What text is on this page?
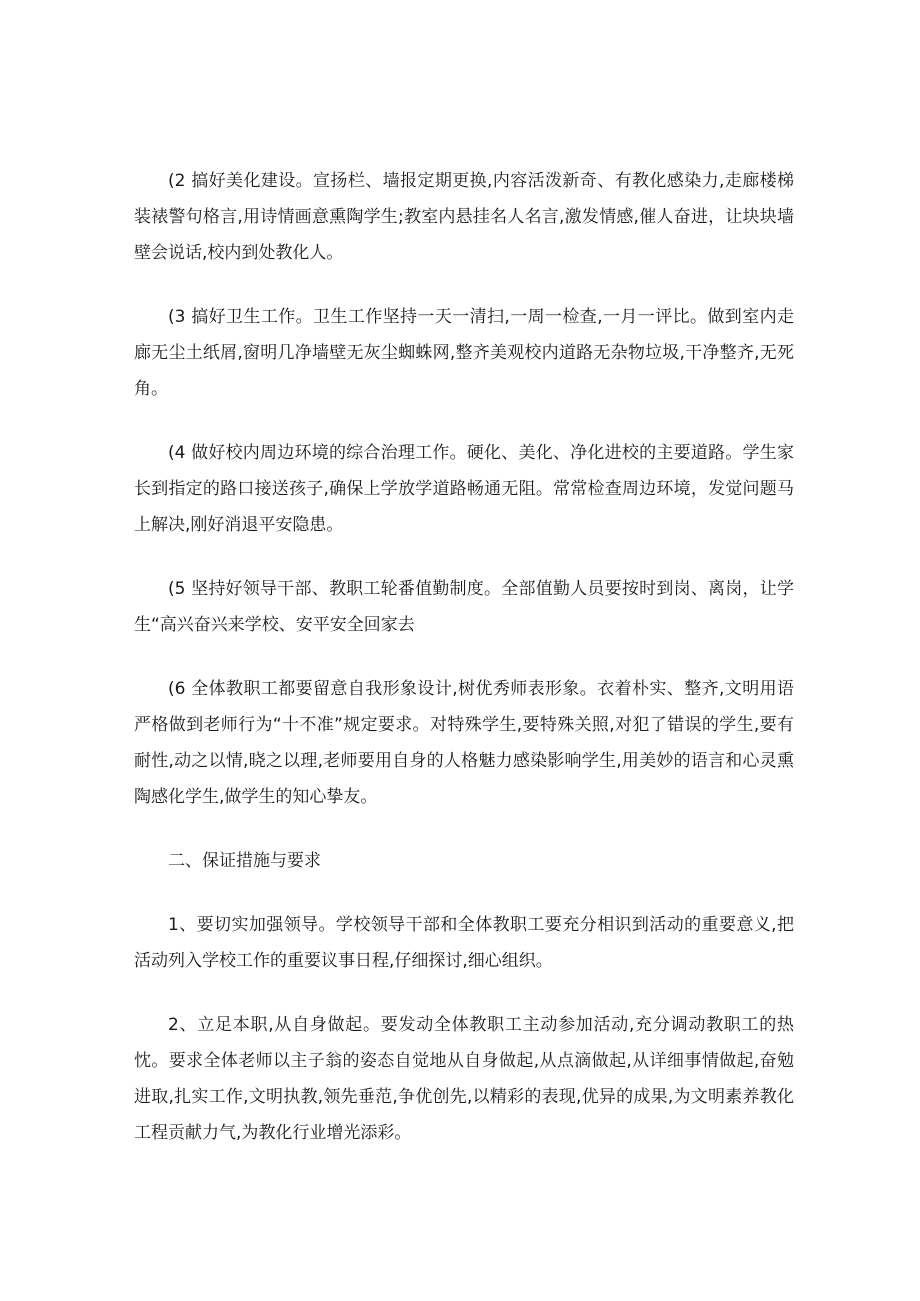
(2 搞好美化建设。宣扬栏、墙报定期更换,内容活泼新奇、有教化感染力,走廊楼梯装裱警句格言,用诗情画意熏陶学生;教室内悬挂名人名言,激发情感,催人奋进，让块块墙壁会说话,校内到处教化人。

(3 搞好卫生工作。卫生工作坚持一天一清扫,一周一检查,一月一评比。做到室内走廊无尘土纸屑,窗明几净墙壁无灰尘蜘蛛网,整齐美观校内道路无杂物垃圾,干净整齐,无死角。

(4 做好校内周边环境的综合治理工作。硬化、美化、净化进校的主要道路。学生家长到指定的路口接送孩子,确保上学放学道路畅通无阻。常常检查周边环境，发觉问题马上解决,刚好消退平安隐患。

(5 坚持好领导干部、教职工轮番值勤制度。全部值勤人员要按时到岗、离岗，让学生“高兴奋兴来学校、安平安全回家去

(6 全体教职工都要留意自我形象设计,树优秀师表形象。衣着朴实、整齐,文明用语严格做到老师行为“十不准”规定要求。对特殊学生,要特殊关照,对犯了错误的学生,要有耐性,动之以情,晓之以理,老师要用自身的人格魅力感染影响学生,用美妙的语言和心灵熏陶感化学生,做学生的知心挚友。

二、保证措施与要求

1、要切实加强领导。学校领导干部和全体教职工要充分相识到活动的重要意义,把活动列入学校工作的重要议事日程,仔细探讨,细心组织。

2、立足本职,从自身做起。要发动全体教职工主动参加活动,充分调动教职工的热忱。要求全体老师以主子翁的姿态自觉地从自身做起,从点滴做起,从详细事情做起,奋勉进取,扎实工作,文明执教,领先垂范,争优创先,以精彩的表现,优异的成果,为文明素养教化工程贡献力气,为教化行业增光添彩。
